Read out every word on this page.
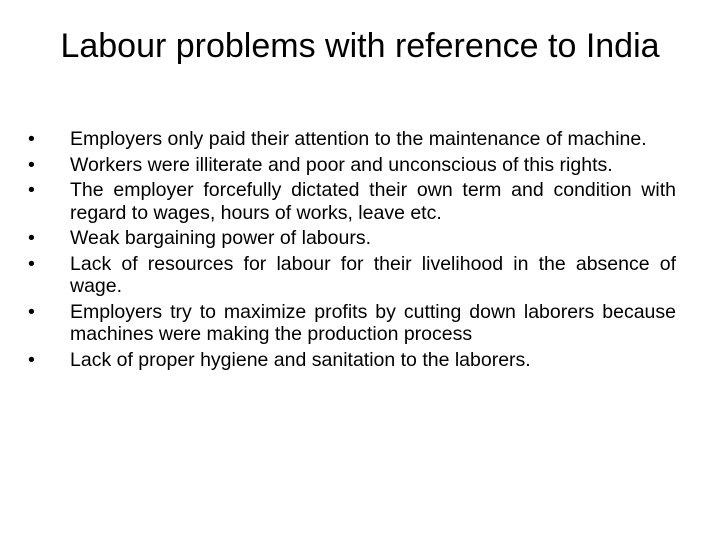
Labour problems with reference to India
•	Employers only paid their attention to the maintenance of machine.
•	Workers were illiterate and poor and unconscious of this rights.
•	The employer forcefully dictated their own term and condition with regard to wages, hours of works, leave etc.
•	Weak bargaining power of labours.
•	Lack of resources for labour for their livelihood in the absence of wage.
•	Employers try to maximize profits by cutting down laborers because machines were making the production process
•	Lack of proper hygiene and sanitation to the laborers.
